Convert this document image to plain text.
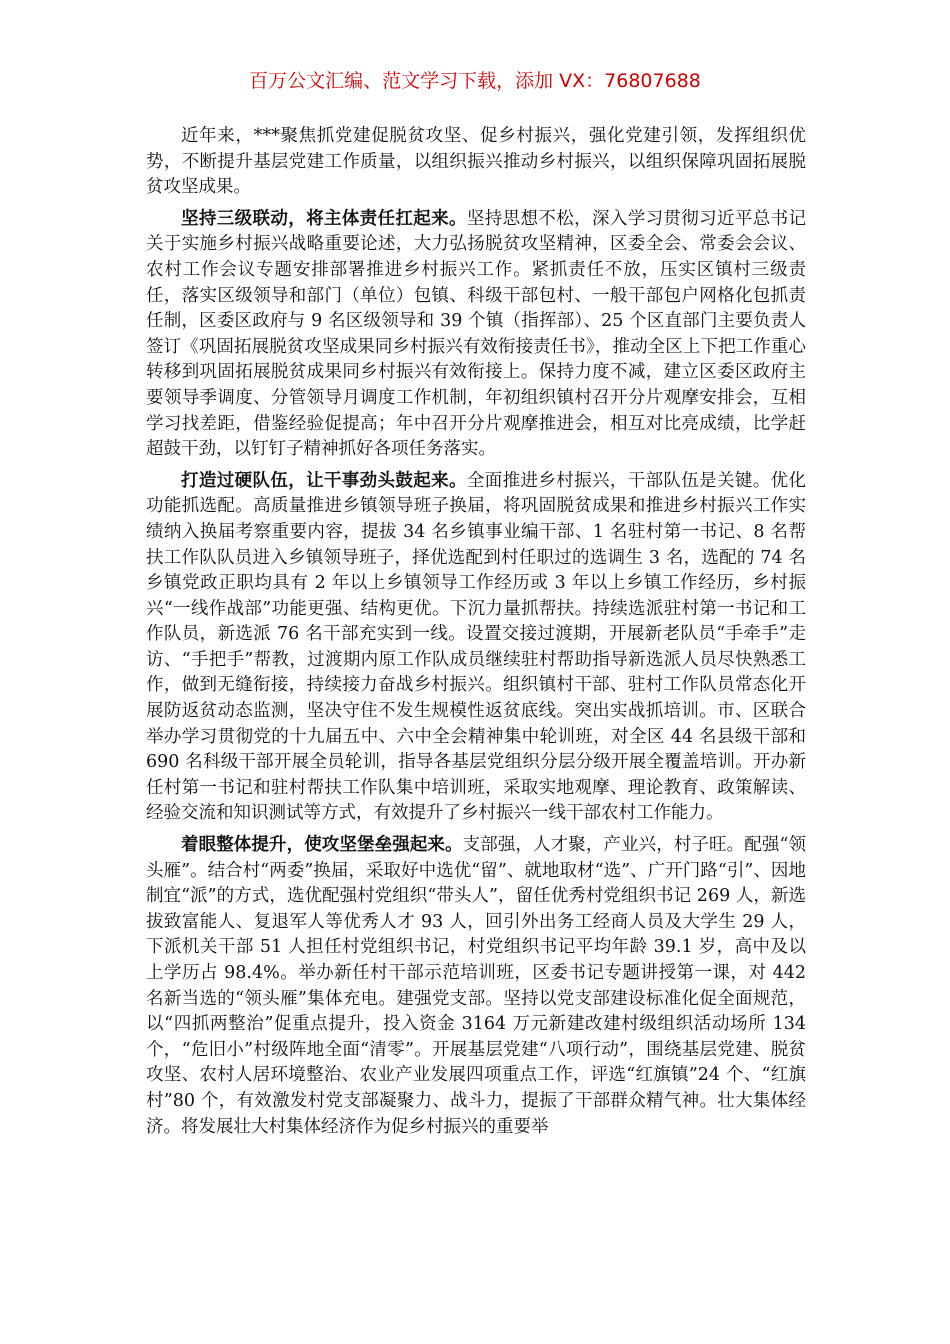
百万公文汇编、范文学习下载，添加 VX：76807688

近年来，***聚焦抓党建促脱贫攻坚、促乡村振兴，强化党建引领，发挥组织优势，不断提升基层党建工作质量，以组织振兴推动乡村振兴，以组织保障巩固拓展脱贫攻坚成果。

坚持三级联动，将主体责任扛起来。坚持思想不松，深入学习贯彻习近平总书记关于实施乡村振兴战略重要论述，大力弘扬脱贫攻坚精神，区委全会、常委会会议、农村工作会议专题安排部署推进乡村振兴工作。紧抓责任不放，压实区镇村三级责任，落实区级领导和部门（单位）包镇、科级干部包村、一般干部包户网格化包抓责任制，区委区政府与 9 名区级领导和 39 个镇（指挥部）、25 个区直部门主要负责人签订《巩固拓展脱贫攻坚成果同乡村振兴有效衔接责任书》，推动全区上下把工作重心转移到巩固拓展脱贫成果同乡村振兴有效衔接上。保持力度不减，建立区委区政府主要领导季调度、分管领导月调度工作机制，年初组织镇村召开分片观摩安排会，互相学习找差距，借鉴经验促提高；年中召开分片观摩推进会，相互对比亮成绩，比学赶超鼓干劲，以钉钉子精神抓好各项任务落实。

打造过硬队伍，让干事劲头鼓起来。全面推进乡村振兴，干部队伍是关键。优化功能抓选配。高质量推进乡镇领导班子换届，将巩固脱贫成果和推进乡村振兴工作实绩纳入换届考察重要内容，提拔 34 名乡镇事业编干部、1 名驻村第一书记、8 名帮扶工作队队员进入乡镇领导班子，择优选配到村任职过的选调生 3 名，选配的 74 名乡镇党政正职均具有 2 年以上乡镇领导工作经历或 3 年以上乡镇工作经历，乡村振兴“一线作战部”功能更强、结构更优。下沉力量抓帮扶。持续选派驻村第一书记和工作队员，新选派 76 名干部充实到一线。设置交接过渡期，开展新老队员“手牵手”走访、“手把手”帮教，过渡期内原工作队成员继续驻村帮助指导新选派人员尽快熟悉工作，做到无缝衔接，持续接力奋战乡村振兴。组织镇村干部、驻村工作队员常态化开展防返贫动态监测，坚决守住不发生规模性返贫底线。突出实战抓培训。市、区联合举办学习贯彻党的十九届五中、六中全会精神集中轮训班，对全区 44 名县级干部和 690 名科级干部开展全员轮训，指导各基层党组织分层分级开展全覆盖培训。开办新任村第一书记和驻村帮扶工作队集中培训班，采取实地观摩、理论教育、政策解读、经验交流和知识测试等方式，有效提升了乡村振兴一线干部农村工作能力。

着眼整体提升，使攻坚堡垒强起来。支部强，人才聚，产业兴，村子旺。配强“领头雁”。结合村“两委”换届，采取好中选优“留”、就地取材“选”、广开门路“引”、因地制宜“派”的方式，选优配强村党组织“带头人”，留任优秀村党组织书记 269 人，新选拔致富能人、复退军人等优秀人才 93 人，回引外出务工经商人员及大学生 29 人，下派机关干部 51 人担任村党组织书记，村党组织书记平均年龄 39.1 岁，高中及以上学历占 98.4%。举办新任村干部示范培训班，区委书记专题讲授第一课，对 442 名新当选的“领头雁”集体充电。建强党支部。坚持以党支部建设标准化促全面规范，以“四抓两整治”促重点提升，投入资金 3164 万元新建改建村级组织活动场所 134 个，“危旧小”村级阵地全面“清零”。开展基层党建“八项行动”，围绕基层党建、脱贫攻坚、农村人居环境整治、农业产业发展四项重点工作，评选“红旗镇”24 个、“红旗村”80 个，有效激发村党支部凝聚力、战斗力，提振了干部群众精气神。壮大集体经济。将发展壮大村集体经济作为促乡村振兴的重要举
